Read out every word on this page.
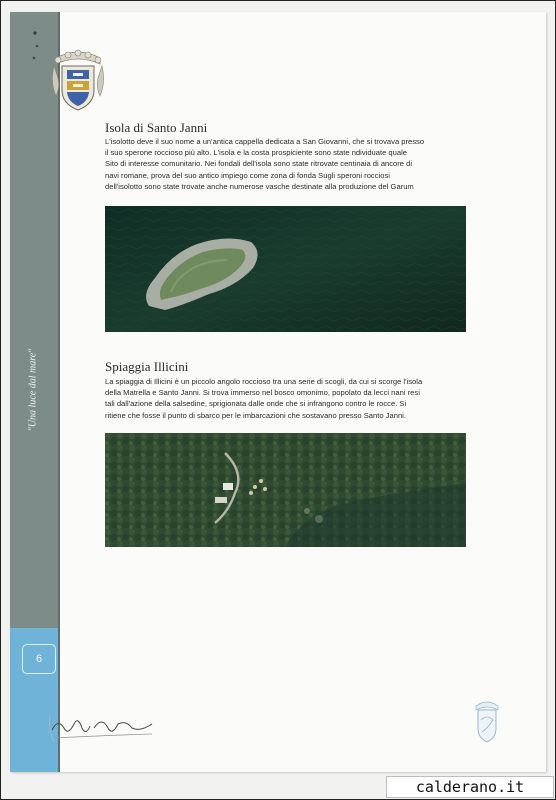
"Una luce dal mare"
6
Isola di Santo Janni
L'isolotto deve il suo nome a un'antica cappella dedicata a San Giovanni, che si trovava presso
il suo sperone roccioso più alto. L'isola e la costa prospiciente sono state ndividuate quale
Sito di interesse comunitario. Nei fondali dell'isola sono state ritrovate centinaia di ancore di
navi romane, prova del suo antico impiego come zona di fonda Sugli speroni rocciosi
dell'isolotto sono state trovate anche numerose vasche destinate alla produzione del Garum
Spiaggia Illicini
La spiaggia di Illicini è un piccolo angolo roccioso tra una serie di scogli, da cui si scorge l'isola
della Matrella e Santo Janni. Si trova immerso nel bosco omonimo, popolato da lecci nani resi
tali dall'azione della salsedine, sprigionata dalle onde che si infrangono contro le rocce. Si
ritiene che fosse il punto di sbarco per le imbarcazioni che sostavano presso Santo Janni.
calderano.it
